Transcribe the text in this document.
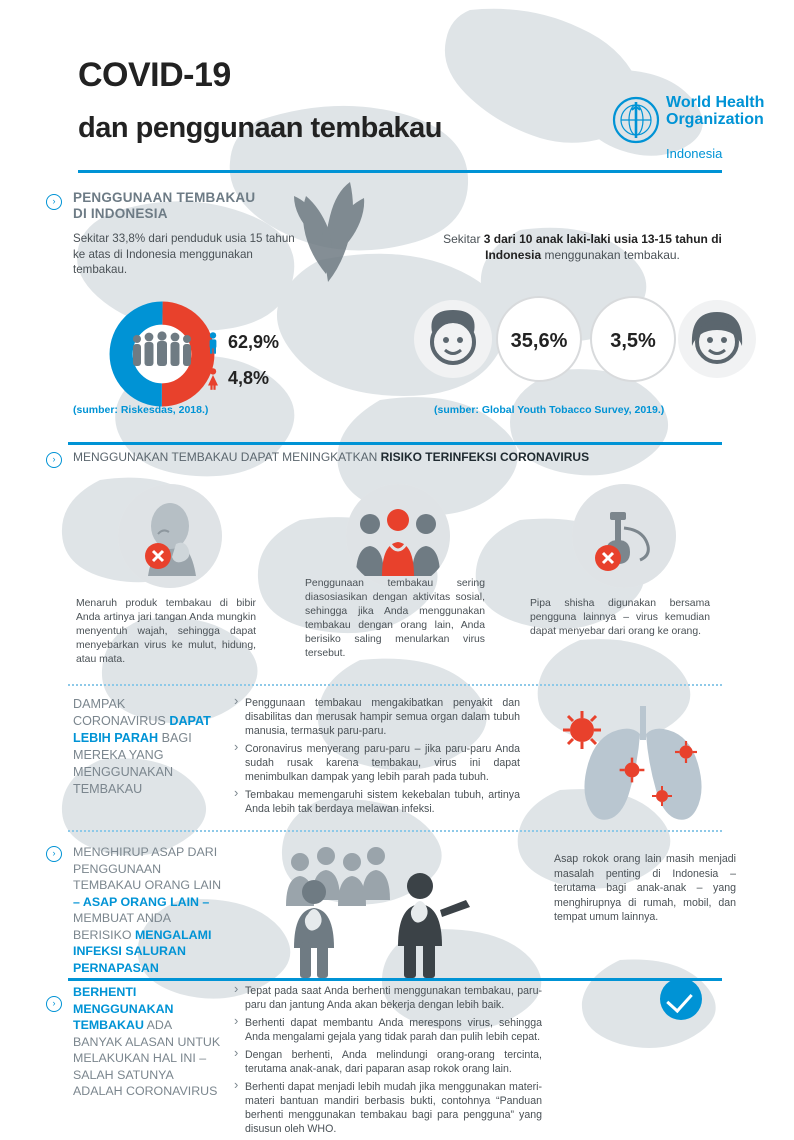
COVID-19
dan penggunaan tembakau
World Health
Organization
Indonesia
›	PENGGUNAAN TEMBAKAU
DI INDONESIA
Sekitar 33,8% dari penduduk usia 15 tahun ke atas di Indonesia menggunakan tembakau.
62,9%
4,8%
(sumber: Riskesdas, 2018.)
Sekitar 3 dari 10 anak laki-laki usia 13-15 tahun di Indonesia menggunakan tembakau.
35,6%	3,5%
(sumber: Global Youth Tobacco Survey, 2019.)
›	MENGGUNAKAN TEMBAKAU DAPAT MENINGKATKAN RISIKO TERINFEKSI CORONAVIRUS
Menaruh produk tembakau di bibir Anda artinya jari tangan Anda mungkin menyentuh wajah, sehingga dapat menyebarkan virus ke mulut, hidung, atau mata.
Penggunaan tembakau sering diasosiasikan dengan aktivitas sosial, sehingga jika Anda menggunakan tembakau dengan orang lain, Anda berisiko saling menularkan virus tersebut.
Pipa shisha digunakan bersama pengguna lainnya – virus kemudian dapat menyebar dari orang ke orang.
DAMPAK CORONAVIRUS DAPAT LEBIH PARAH BAGI MEREKA YANG MENGGUNAKAN TEMBAKAU
› Penggunaan tembakau mengakibatkan penyakit dan disabilitas dan merusak hampir semua organ dalam tubuh manusia, termasuk paru-paru.
› Coronavirus menyerang paru-paru – jika paru-paru Anda sudah rusak karena tembakau, virus ini dapat menimbulkan dampak yang lebih parah pada tubuh.
› Tembakau memengaruhi sistem kekebalan tubuh, artinya Anda lebih tak berdaya melawan infeksi.
›	MENGHIRUP ASAP DARI PENGGUNAAN TEMBAKAU ORANG LAIN – ASAP ORANG LAIN – MEMBUAT ANDA BERISIKO MENGALAMI INFEKSI SALURAN PERNAPASAN
Asap rokok orang lain masih menjadi masalah penting di Indonesia – terutama bagi anak-anak – yang menghirupnya di rumah, mobil, dan tempat umum lainnya.
›
BERHENTI MENGGUNAKAN TEMBAKAU ADA BANYAK ALASAN UNTUK MELAKUKAN HAL INI – SALAH SATUNYA ADALAH CORONAVIRUS
› Tepat pada saat Anda berhenti menggunakan tembakau, paru-paru dan jantung Anda akan bekerja dengan lebih baik.
› Berhenti dapat membantu Anda merespons virus, sehingga Anda mengalami gejala yang tidak parah dan pulih lebih cepat.
› Dengan berhenti, Anda melindungi orang-orang tercinta, terutama anak-anak, dari paparan asap rokok orang lain.
› Berhenti dapat menjadi lebih mudah jika menggunakan materi-materi bantuan mandiri berbasis bukti, contohnya “Panduan berhenti menggunakan tembakau bagi para pengguna” yang disusun oleh WHO.
